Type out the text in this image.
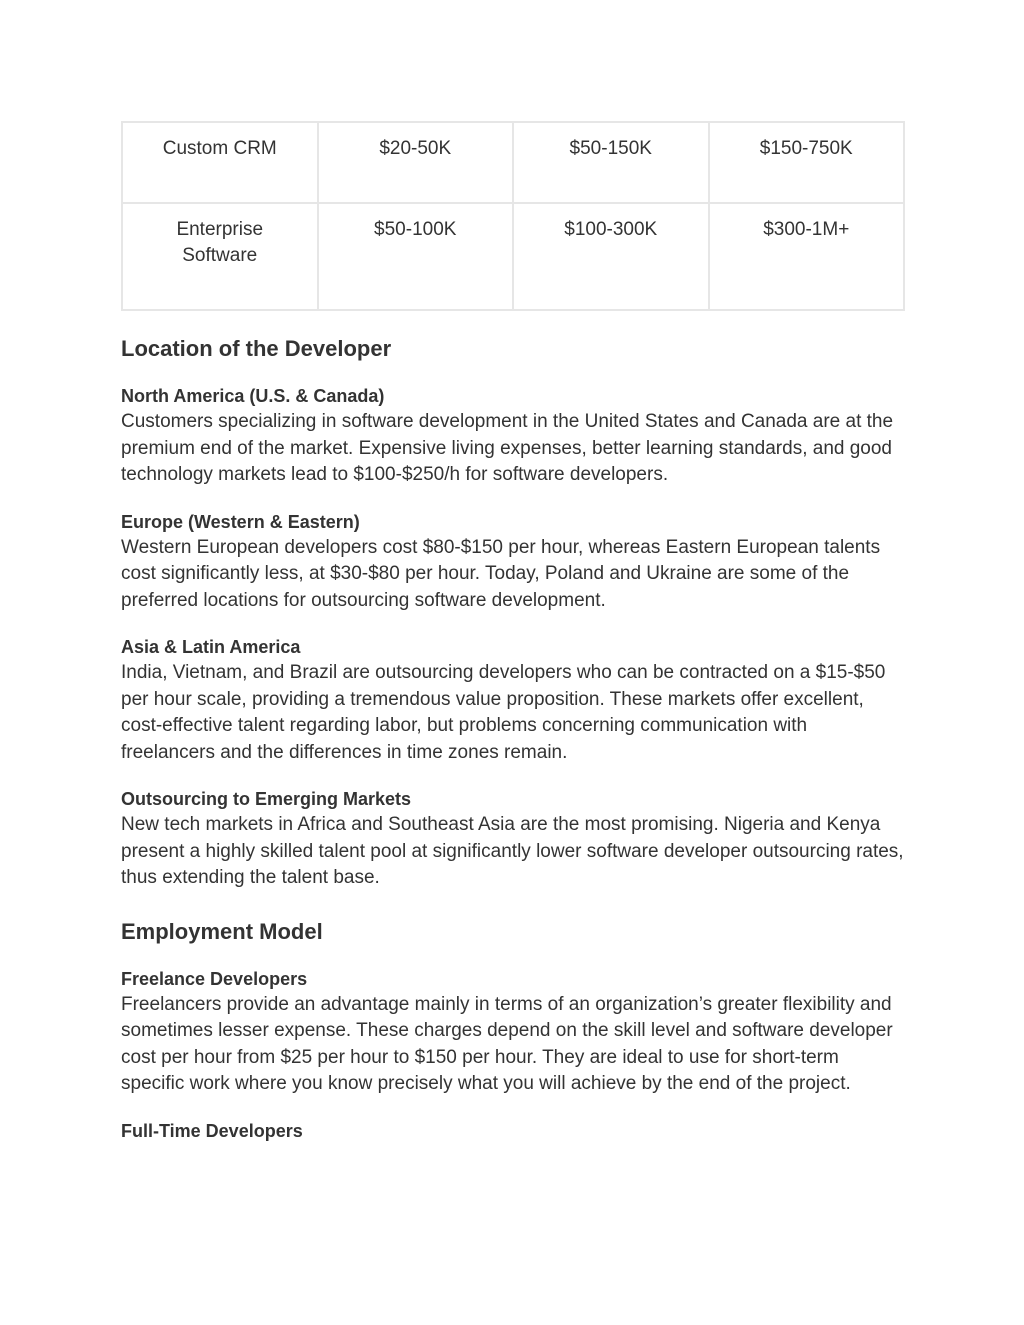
Custom CRM	$20-50K	$50-150K	$150-750K

Enterprise Software	$50-100K	$100-300K	$300-1M+
Location of the Developer

North America (U.S. & Canada)

Customers specializing in software development in the United States and Canada are at the premium end of the market. Expensive living expenses, better learning standards, and good technology markets lead to $100-$250/h for software developers.

Europe (Western & Eastern)

Western European developers cost $80-$150 per hour, whereas Eastern European talents cost significantly less, at $30-$80 per hour. Today, Poland and Ukraine are some of the preferred locations for outsourcing software development.

Asia & Latin America

India, Vietnam, and Brazil are outsourcing developers who can be contracted on a $15-$50 per hour scale, providing a tremendous value proposition. These markets offer excellent, cost-effective talent regarding labor, but problems concerning communication with freelancers and the differences in time zones remain.

Outsourcing to Emerging Markets

New tech markets in Africa and Southeast Asia are the most promising. Nigeria and Kenya present a highly skilled talent pool at significantly lower software developer outsourcing rates, thus extending the talent base.

Employment Model

Freelance Developers

Freelancers provide an advantage mainly in terms of an organization’s greater flexibility and sometimes lesser expense. These charges depend on the skill level and software developer cost per hour from $25 per hour to $150 per hour. They are ideal to use for short-term specific work where you know precisely what you will achieve by the end of the project.

Full-Time Developers
